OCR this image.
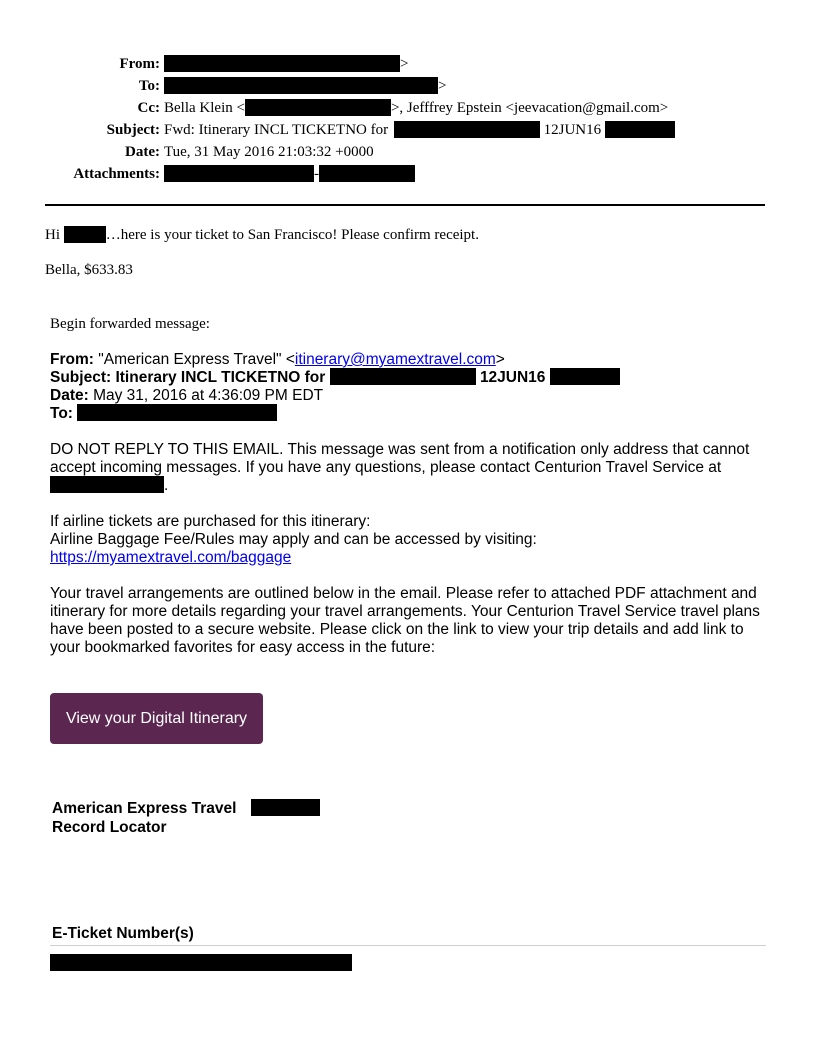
From:	>
To:	>
Cc: Bella Klein <	>, Jefffrey Epstein <jeevacation@gmail.com>
Subject: Fwd: Itinerary INCL TICKETNO for	12JUN16
Date: Tue, 31 May 2016 21:03:32 +0000
Attachments:	-
Hi	…here is your ticket to San Francisco! Please confirm receipt.
Bella, $633.83
Begin forwarded message:
From: "American Express Travel" <itinerary@myamextravel.com>
Subject: Itinerary INCL TICKETNO for	12JUN16
Date: May 31, 2016 at 4:36:09 PM EDT
To:
DO NOT REPLY TO THIS EMAIL. This message was sent from a notification only address that cannot accept incoming messages. If you have any questions, please contact Centurion Travel Service at .
If airline tickets are purchased for this itinerary:
Airline Baggage Fee/Rules may apply and can be accessed by visiting:
https://myamextravel.com/baggage
Your travel arrangements are outlined below in the email. Please refer to attached PDF attachment and itinerary for more details regarding your travel arrangements. Your Centurion Travel Service travel plans have been posted to a secure website. Please click on the link to view your trip details and add link to your bookmarked favorites for easy access in the future:
View your Digital Itinerary
American Express Travel
Record Locator
E-Ticket Number(s)
